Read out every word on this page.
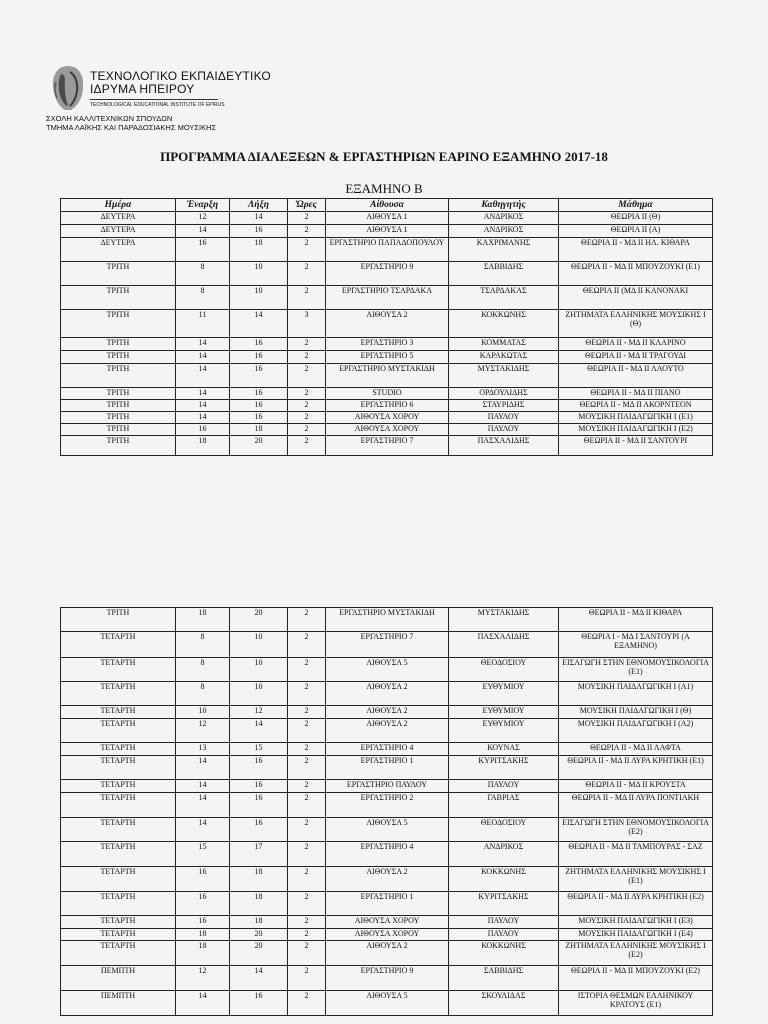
ΤΕΧΝΟΛΟΓΙΚΟ ΕΚΠΑΙΔΕΥΤΙΚΟ
ΙΔΡΥΜΑ ΗΠΕΙΡΟΥ
TECHNOLOGICAL EDUCATIONAL INSTITUTE OF EPIRUS
ΣΧΟΛΗ ΚΑΛΛΙΤΕΧΝΙΚΩΝ ΣΠΟΥΔΩΝ
ΤΜΗΜΑ ΛΑΪΚΗΣ ΚΑΙ ΠΑΡΑΔΟΣΙΑΚΗΣ ΜΟΥΣΙΚΗΣ
ΠΡΟΓΡΑΜΜΑ ΔΙΑΛΕΞΕΩΝ & ΕΡΓΑΣΤΗΡΙΩΝ ΕΑΡΙΝΟ ΕΞΑΜΗΝΟ 2017-18
ΕΞΑΜΗΝΟ Β
Ημέρα	Έναρξη	Λήξη	Ώρες	Αίθουσα	Καθηγητής	Μάθημα
ΔΕΥΤΕΡΑ	12	14	2	ΑΙΘΟΥΣΑ 1	ΑΝΔΡΙΚΟΣ	ΘΕΩΡΙΑ ΙΙ (Θ)
ΔΕΥΤΕΡΑ	14	16	2	ΑΙΘΟΥΣΑ 1	ΑΝΔΡΙΚΟΣ	ΘΕΩΡΙΑ ΙΙ (Α)
ΔΕΥΤΕΡΑ	16	18	2	ΕΡΓΑΣΤΗΡΙΟ ΠΑΠΑΔΟΠΟΥΛΟΥ	ΚΑΧΡΙΜΑΝΗΣ	ΘΕΩΡΙΑ ΙΙ - ΜΔ ΙΙ ΗΛ. ΚΙΘΑΡΑ
ΤΡΙΤΗ	8	10	2	ΕΡΓΑΣΤΗΡΙΟ 9	ΣΑΒΒΙΔΗΣ	ΘΕΩΡΙΑ ΙΙ - ΜΔ ΙΙ ΜΠΟΥΖΟΥΚΙ (Ε1)
ΤΡΙΤΗ	8	10	2	ΕΡΓΑΣΤΗΡΙΟ ΤΣΑΡΔΑΚΑ	ΤΣΑΡΔΑΚΑΣ	ΘΕΩΡΙΑ ΙΙ (ΜΔ ΙΙ ΚΑΝΟΝΑΚΙ
ΤΡΙΤΗ	11	14	3	ΑΙΘΟΥΣΑ 2	ΚΟΚΚΩΝΗΣ	ΖΗΤΗΜΑΤΑ ΕΛΛΗΝΙΚΗΣ ΜΟΥΣΙΚΗΣ Ι (Θ)
ΤΡΙΤΗ	14	16	2	ΕΡΓΑΣΤΗΡΙΟ 3	ΚΟΜΜΑΤΑΣ	ΘΕΩΡΙΑ ΙΙ - ΜΔ ΙΙ ΚΛΑΡΙΝΟ
ΤΡΙΤΗ	14	16	2	ΕΡΓΑΣΤΗΡΙΟ 5	ΚΑΡΑΚΩΤΑΣ	ΘΕΩΡΙΑ ΙΙ - ΜΔ ΙΙ ΤΡΑΓΟΥΔΙ
ΤΡΙΤΗ	14	16	2	ΕΡΓΑΣΤΗΡΙΟ ΜΥΣΤΑΚΙΔΗ	ΜΥΣΤΑΚΙΔΗΣ	ΘΕΩΡΙΑ ΙΙ - ΜΔ ΙΙ ΛΑΟΥΤΟ
ΤΡΙΤΗ	14	16	2	STUDIO	ΟΡΔΟΥΛΙΔΗΣ	ΘΕΩΡΙΑ ΙΙ - ΜΔ ΙΙ ΠΙΑΝΟ
ΤΡΙΤΗ	14	16	2	ΕΡΓΑΣΤΗΡΙΟ 6	ΣΤΑΥΡΙΔΗΣ	ΘΕΩΡΙΑ ΙΙ - ΜΔ ΙΙ ΑΚΟΡΝΤΕΟΝ
ΤΡΙΤΗ	14	16	2	ΑΙΘΟΥΣΑ ΧΟΡΟΥ	ΠΑΥΛΟΥ	ΜΟΥΣΙΚΗ ΠΑΙΔΑΓΩΓΙΚΗ Ι (Ε1)
ΤΡΙΤΗ	16	18	2	ΑΙΘΟΥΣΑ ΧΟΡΟΥ	ΠΑΥΛΟΥ	ΜΟΥΣΙΚΗ ΠΑΙΔΑΓΩΓΙΚΗ Ι (Ε2)
ΤΡΙΤΗ	18	20	2	ΕΡΓΑΣΤΗΡΙΟ 7	ΠΑΣΧΑΛΙΔΗΣ	ΘΕΩΡΙΑ ΙΙ - ΜΔ ΙΙ ΣΑΝΤΟΥΡΙ
ΤΡΙΤΗ	18	20	2	ΕΡΓΑΣΤΗΡΙΟ ΜΥΣΤΑΚΙΔΗ	ΜΥΣΤΑΚΙΔΗΣ	ΘΕΩΡΙΑ ΙΙ - ΜΔ ΙΙ ΚΙΘΑΡΑ
ΤΕΤΑΡΤΗ	8	10	2	ΕΡΓΑΣΤΗΡΙΟ 7	ΠΑΣΧΑΛΙΔΗΣ	ΘΕΩΡΙΑ Ι - ΜΔ Ι ΣΑΝΤΟΥΡΙ (Α ΕΞΑΜΗΝΟ)
ΤΕΤΑΡΤΗ	8	10	2	ΑΙΘΟΥΣΑ 5	ΘΕΟΔΟΣΙΟΥ	ΕΙΣΑΓΩΓΗ ΣΤΗΝ ΕΘΝΟΜΟΥΣΙΚΟΛΟΓΙΑ (Ε1)
ΤΕΤΑΡΤΗ	8	10	2	ΑΙΘΟΥΣΑ 2	ΕΥΘΥΜΙΟΥ	ΜΟΥΣΙΚΗ ΠΑΙΔΑΓΩΓΙΚΗ Ι (Α1)
ΤΕΤΑΡΤΗ	10	12	2	ΑΙΘΟΥΣΑ 2	ΕΥΘΥΜΙΟΥ	ΜΟΥΣΙΚΗ ΠΑΙΔΑΓΩΓΙΚΗ Ι (Θ)
ΤΕΤΑΡΤΗ	12	14	2	ΑΙΘΟΥΣΑ 2	ΕΥΘΥΜΙΟΥ	ΜΟΥΣΙΚΗ ΠΑΙΔΑΓΩΓΙΚΗ Ι (Α2)
ΤΕΤΑΡΤΗ	13	15	2	ΕΡΓΑΣΤΗΡΙΟ 4	ΚΟΥΝΑΣ	ΘΕΩΡΙΑ ΙΙ - ΜΔ ΙΙ ΛΑΦΤΑ
ΤΕΤΑΡΤΗ	14	16	2	ΕΡΓΑΣΤΗΡΙΟ 1	ΚΥΡΙΤΣΑΚΗΣ	ΘΕΩΡΙΑ ΙΙ - ΜΔ ΙΙ ΛΥΡΑ ΚΡΗΤΙΚΗ (Ε1)
ΤΕΤΑΡΤΗ	14	16	2	ΕΡΓΑΣΤΗΡΙΟ ΠΑΥΛΟΥ	ΠΑΥΛΟΥ	ΘΕΩΡΙΑ ΙΙ - ΜΔ ΙΙ ΚΡΟΥΣΤΑ
ΤΕΤΑΡΤΗ	14	16	2	ΕΡΓΑΣΤΗΡΙΟ 2	ΓΑΒΡΙΑΣ	ΘΕΩΡΙΑ ΙΙ - ΜΔ ΙΙ ΛΥΡΑ ΠΟΝΤΙΑΚΗ
ΤΕΤΑΡΤΗ	14	16	2	ΑΙΘΟΥΣΑ 5	ΘΕΟΔΟΣΙΟΥ	ΕΙΣΑΓΩΓΗ ΣΤΗΝ ΕΘΝΟΜΟΥΣΙΚΟΛΟΓΙΑ (Ε2)
ΤΕΤΑΡΤΗ	15	17	2	ΕΡΓΑΣΤΗΡΙΟ 4	ΑΝΔΡΙΚΟΣ	ΘΕΩΡΙΑ ΙΙ - ΜΔ ΙΙ ΤΑΜΠΟΥΡΑΣ - ΣΑΖ
ΤΕΤΑΡΤΗ	16	18	2	ΑΙΘΟΥΣΑ 2	ΚΟΚΚΩΝΗΣ	ΖΗΤΗΜΑΤΑ ΕΛΛΗΝΙΚΗΣ ΜΟΥΣΙΚΗΣ Ι (Ε1)
ΤΕΤΑΡΤΗ	16	18	2	ΕΡΓΑΣΤΗΡΙΟ 1	ΚΥΡΙΤΣΑΚΗΣ	ΘΕΩΡΙΑ ΙΙ - ΜΔ ΙΙ ΛΥΡΑ ΚΡΗΤΙΚΗ (Ε2)
ΤΕΤΑΡΤΗ	16	18	2	ΑΙΘΟΥΣΑ ΧΟΡΟΥ	ΠΑΥΛΟΥ	ΜΟΥΣΙΚΗ ΠΑΙΔΑΓΩΓΙΚΗ Ι (Ε3)
ΤΕΤΑΡΤΗ	18	20	2	ΑΙΘΟΥΣΑ ΧΟΡΟΥ	ΠΑΥΛΟΥ	ΜΟΥΣΙΚΗ ΠΑΙΔΑΓΩΓΙΚΗ Ι (Ε4)
ΤΕΤΑΡΤΗ	18	20	2	ΑΙΘΟΥΣΑ 2	ΚΟΚΚΩΝΗΣ	ΖΗΤΗΜΑΤΑ ΕΛΛΗΝΙΚΗΣ ΜΟΥΣΙΚΗΣ Ι (Ε2)
ΠΕΜΠΤΗ	12	14	2	ΕΡΓΑΣΤΗΡΙΟ 9	ΣΑΒΒΙΔΗΣ	ΘΕΩΡΙΑ ΙΙ - ΜΔ ΙΙ ΜΠΟΥΖΟΥΚΙ (Ε2)
ΠΕΜΠΤΗ	14	16	2	ΑΙΘΟΥΣΑ 5	ΣΚΟΥΛΙΔΑΣ	ΙΣΤΟΡΙΑ ΘΕΣΜΩΝ ΕΛΛΗΝΙΚΟΥ ΚΡΑΤΟΥΣ (Ε1)
